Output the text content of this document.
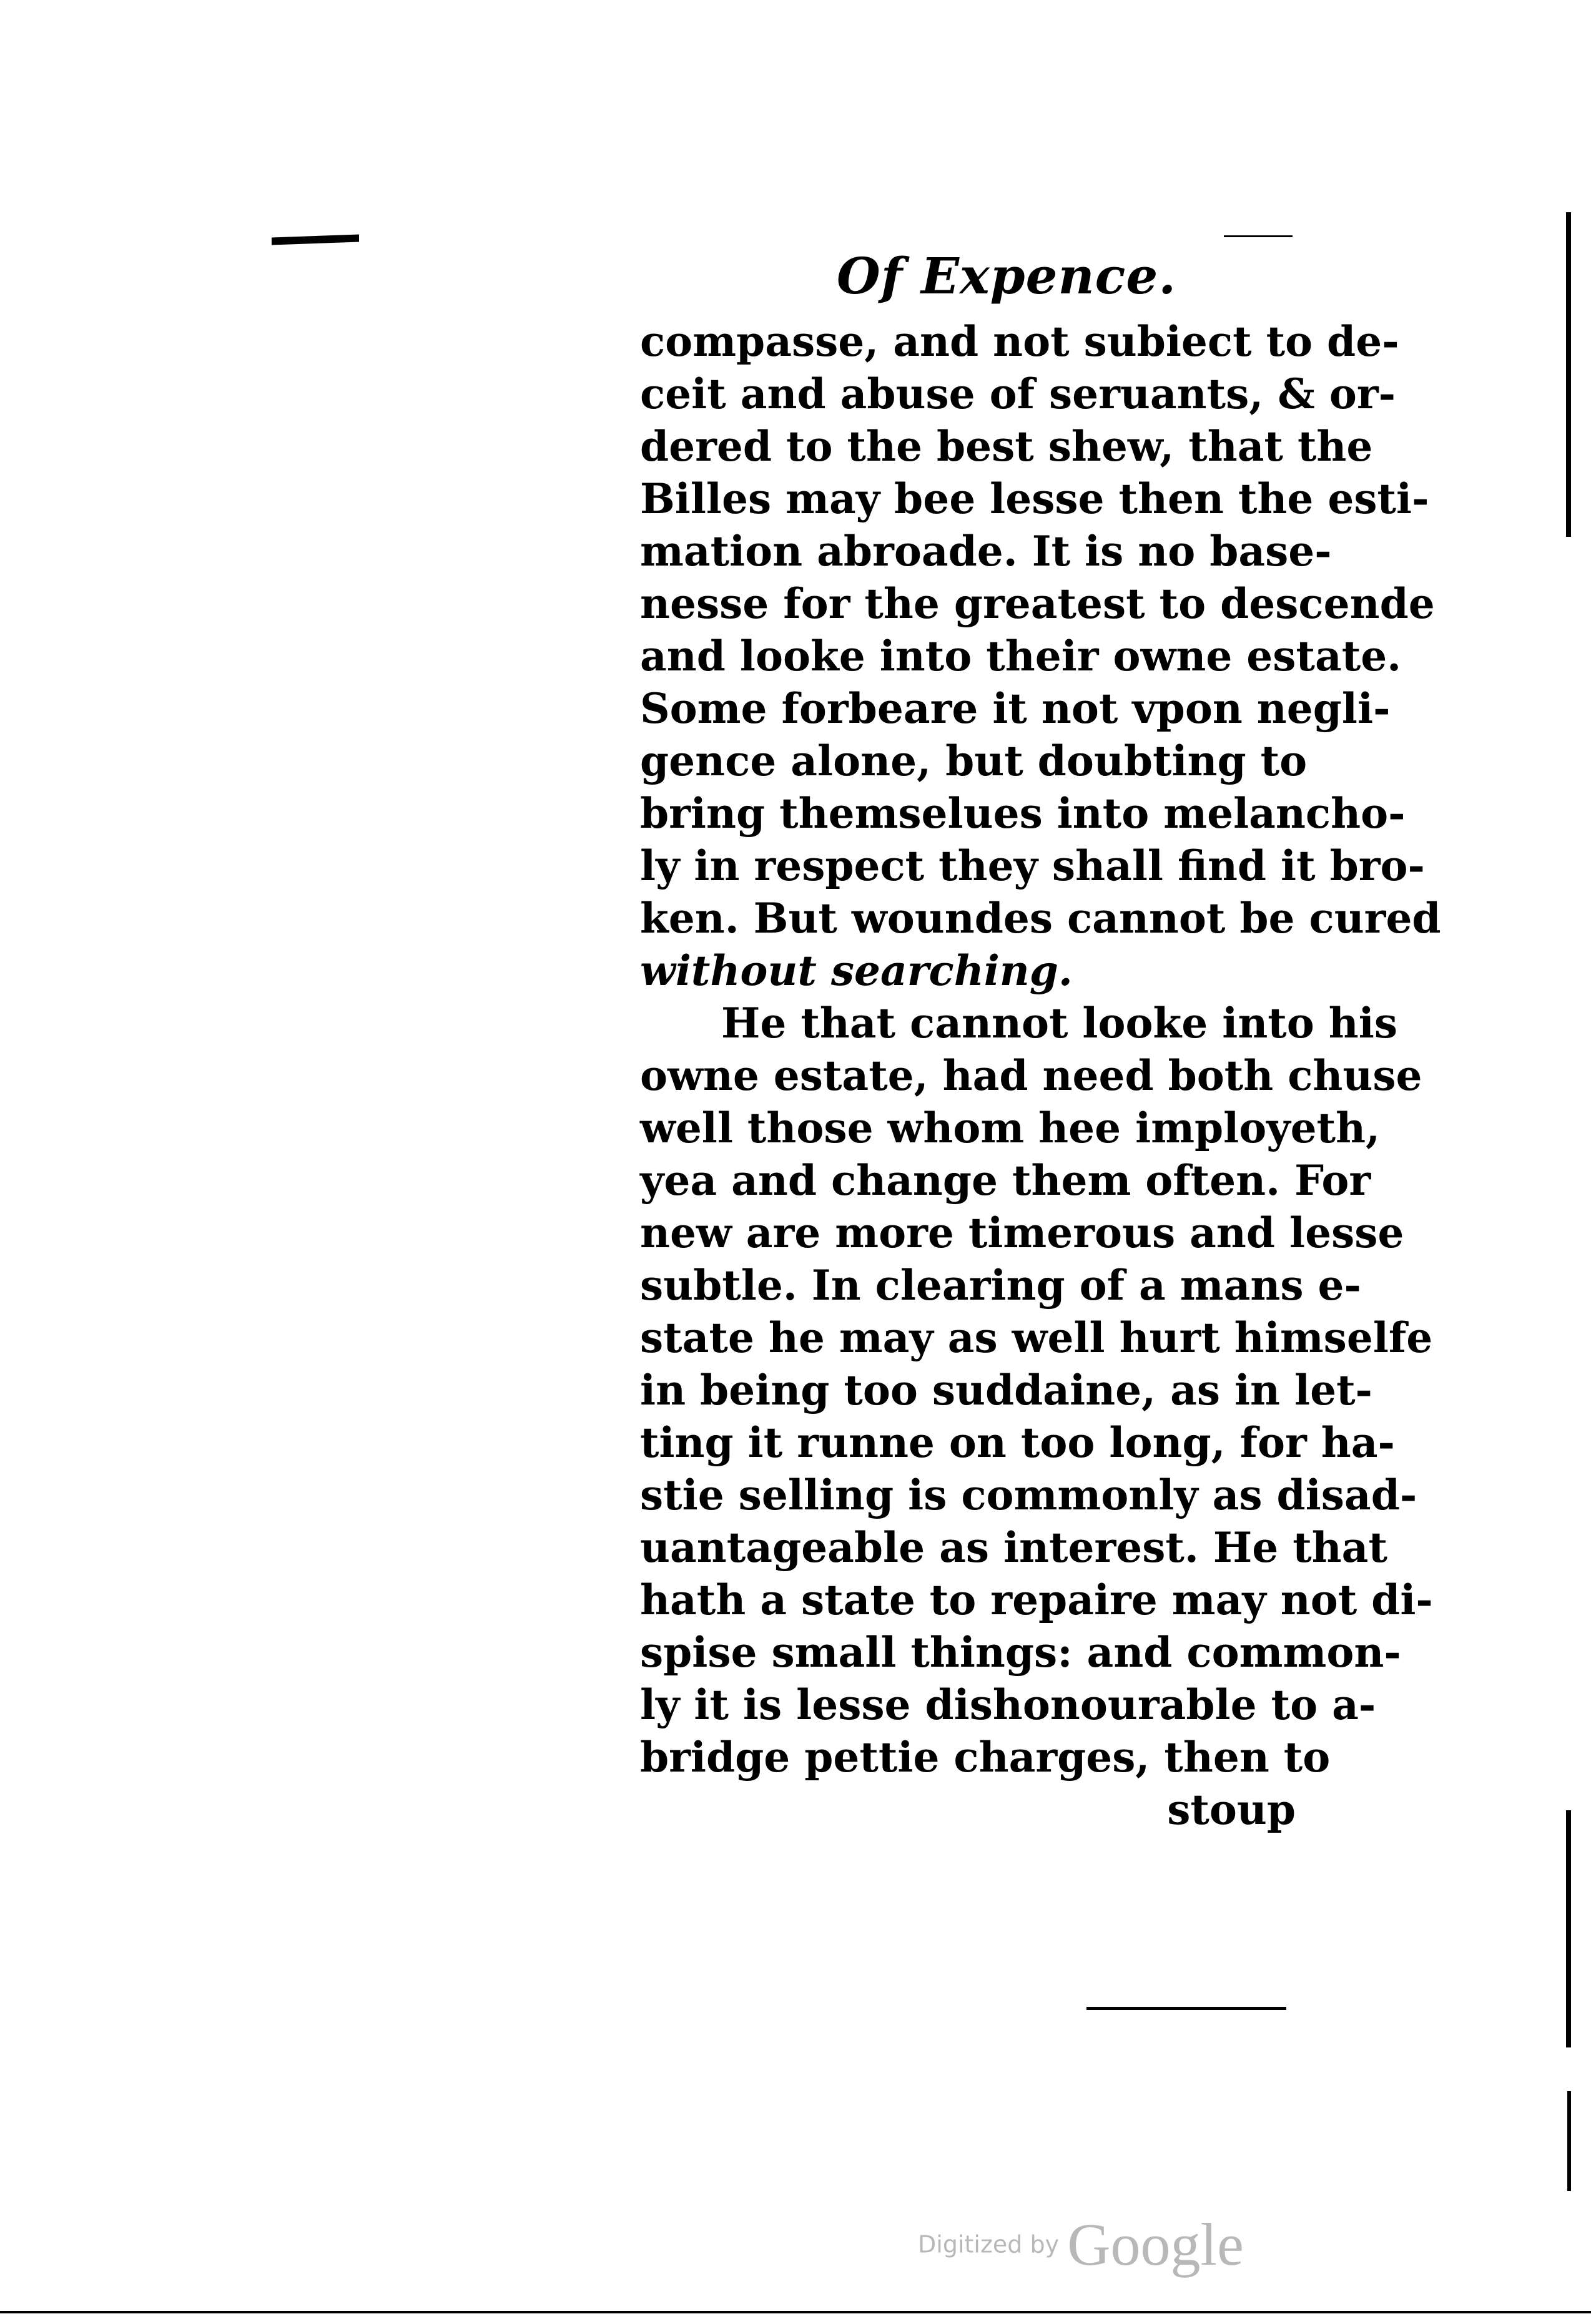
Of Expence.
compasse, and not subiect to de-
ceit and abuse of seruants, & or-
dered to the best shew, that the
Billes may bee lesse then the esti-
mation abroade. It is no base-
nesse for the greatest to descende
and looke into their owne estate.
Some forbeare it not vpon negli-
gence alone, but doubting to
bring themselues into melancho-
ly in respect they shall find it bro-
ken. But woundes cannot be cured
without searching.
He that cannot looke into his
owne estate, had need both chuse
well those whom hee imployeth,
yea and change them often. For
new are more timerous and lesse
subtle. In clearing of a mans e-
state he may as well hurt himselfe
in being too suddaine, as in let-
ting it runne on too long, for ha-
stie selling is commonly as disad-
uantageable as interest. He that
hath a state to repaire may not di-
spise small things: and common-
ly it is lesse dishonourable to a-
bridge pettie charges, then to
stoup
Digitized by Google
